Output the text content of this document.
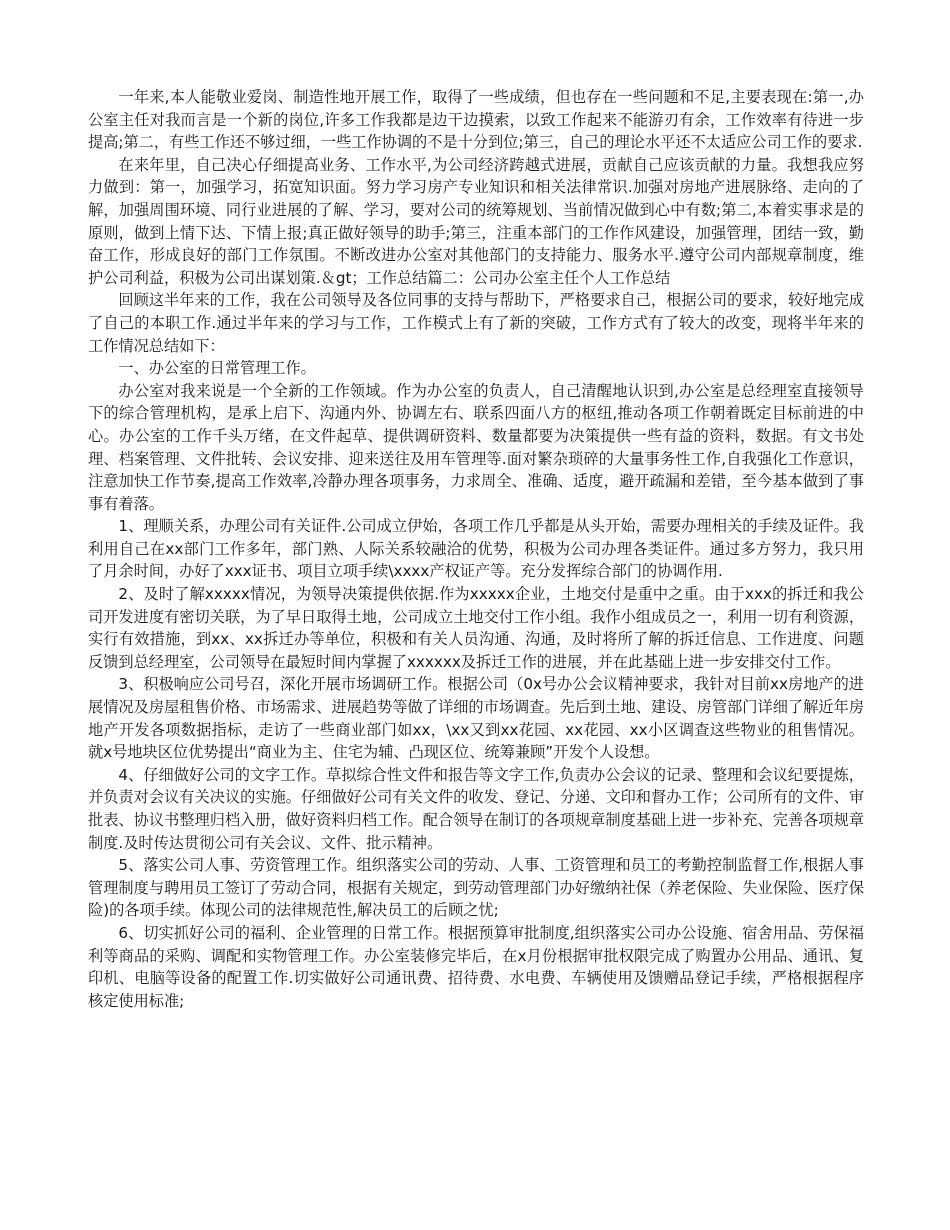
一年来,本人能敬业爱岗、制造性地开展工作，取得了一些成绩，但也存在一些问题和不足,主要表现在:第一,办公室主任对我而言是一个新的岗位,许多工作我都是边干边摸索，以致工作起来不能游刃有余，工作效率有待进一步提高;第二，有些工作还不够过细，一些工作协调的不是十分到位;第三，自己的理论水平还不太适应公司工作的要求.

在来年里，自己决心仔细提高业务、工作水平,为公司经济跨越式进展，贡献自己应该贡献的力量。我想我应努力做到：第一，加强学习，拓宽知识面。努力学习房产专业知识和相关法律常识.加强对房地产进展脉络、走向的了解，加强周围环境、同行业进展的了解、学习，要对公司的统筹规划、当前情况做到心中有数;第二,本着实事求是的原则，做到上情下达、下情上报;真正做好领导的助手;第三，注重本部门的工作作风建设，加强管理，团结一致，勤奋工作，形成良好的部门工作氛围。不断改进办公室对其他部门的支持能力、服务水平.遵守公司内部规章制度，维护公司利益，积极为公司出谋划策.＆gt；工作总结篇二：公司办公室主任个人工作总结

回顾这半年来的工作，我在公司领导及各位同事的支持与帮助下，严格要求自己，根据公司的要求，较好地完成了自己的本职工作.通过半年来的学习与工作，工作模式上有了新的突破，工作方式有了较大的改变，现将半年来的工作情况总结如下：

一、办公室的日常管理工作。

办公室对我来说是一个全新的工作领域。作为办公室的负责人，自己清醒地认识到,办公室是总经理室直接领导下的综合管理机构，是承上启下、沟通内外、协调左右、联系四面八方的枢纽,推动各项工作朝着既定目标前进的中心。办公室的工作千头万绪，在文件起草、提供调研资料、数量都要为决策提供一些有益的资料，数据。有文书处理、档案管理、文件批转、会议安排、迎来送往及用车管理等.面对繁杂琐碎的大量事务性工作,自我强化工作意识，注意加快工作节奏,提高工作效率,冷静办理各项事务，力求周全、准确、适度，避开疏漏和差错，至今基本做到了事事有着落。

1、理顺关系，办理公司有关证件.公司成立伊始，各项工作几乎都是从头开始，需要办理相关的手续及证件。我利用自己在xx部门工作多年，部门熟、人际关系较融洽的优势，积极为公司办理各类证件。通过多方努力，我只用了月余时间，办好了xxx证书、项目立项手续\xxxx产权证产等。充分发挥综合部门的协调作用.

2、及时了解xxxxx情况，为领导决策提供依据.作为xxxxx企业，土地交付是重中之重。由于xxx的拆迁和我公司开发进度有密切关联，为了早日取得土地，公司成立土地交付工作小组。我作小组成员之一，利用一切有利资源，实行有效措施，到xx、xx拆迁办等单位，积极和有关人员沟通、沟通，及时将所了解的拆迁信息、工作进度、问题反馈到总经理室，公司领导在最短时间内掌握了xxxxxx及拆迁工作的进展，并在此基础上进一步安排交付工作。

3、积极响应公司号召，深化开展市场调研工作。根据公司（0x号办公会议精神要求，我针对目前xx房地产的进展情况及房屋租售价格、市场需求、进展趋势等做了详细的市场调查。先后到土地、建设、房管部门详细了解近年房地产开发各项数据指标，走访了一些商业部门如xx，\xx又到xx花园、xx花园、xx小区调查这些物业的租售情况。就x号地块区位优势提出“商业为主、住宅为辅、凸现区位、统筹兼顾”开发个人设想。

4、仔细做好公司的文字工作。草拟综合性文件和报告等文字工作,负责办公会议的记录、整理和会议纪要提炼，并负责对会议有关决议的实施。仔细做好公司有关文件的收发、登记、分递、文印和督办工作；公司所有的文件、审批表、协议书整理归档入册，做好资料归档工作。配合领导在制订的各项规章制度基础上进一步补充、完善各项规章制度.及时传达贯彻公司有关会议、文件、批示精神。

5、落实公司人事、劳资管理工作。组织落实公司的劳动、人事、工资管理和员工的考勤控制监督工作,根据人事管理制度与聘用员工签订了劳动合同，根据有关规定，到劳动管理部门办好缴纳社保（养老保险、失业保险、医疗保险)的各项手续。体现公司的法律规范性,解决员工的后顾之忧;

6、切实抓好公司的福利、企业管理的日常工作。根据预算审批制度,组织落实公司办公设施、宿舍用品、劳保福利等商品的采购、调配和实物管理工作。办公室装修完毕后，在x月份根据审批权限完成了购置办公用品、通讯、复印机、电脑等设备的配置工作.切实做好公司通讯费、招待费、水电费、车辆使用及馈赠品登记手续，严格根据程序核定使用标准;
